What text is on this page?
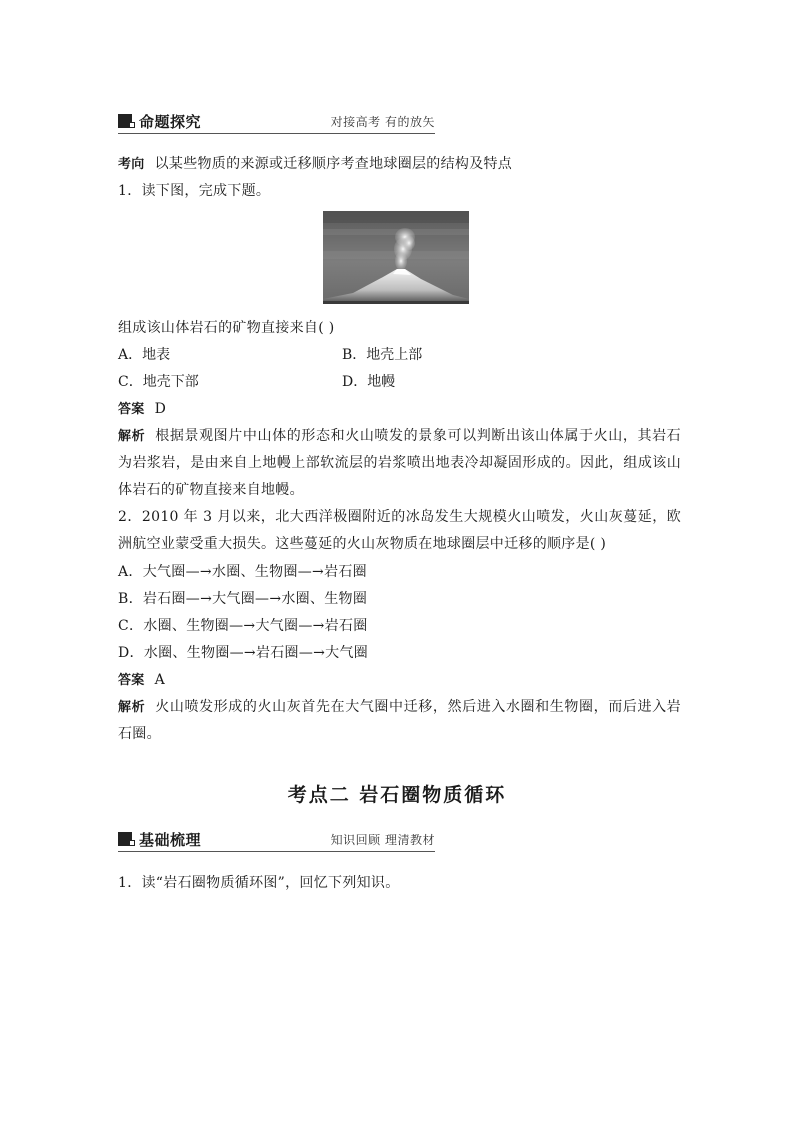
命题探究	对接高考 有的放矢
考向 以某些物质的来源或迁移顺序考查地球圈层的结构及特点
1．读下图，完成下题。
组成该山体岩石的矿物直接来自( )
A．地表	B．地壳上部
C．地壳下部	D．地幔
答案 D
解析 根据景观图片中山体的形态和火山喷发的景象可以判断出该山体属于火山，其岩石为岩浆岩，是由来自上地幔上部软流层的岩浆喷出地表冷却凝固形成的。因此，组成该山体岩石的矿物直接来自地幔。
2．2010 年 3 月以来，北大西洋极圈附近的冰岛发生大规模火山喷发，火山灰蔓延，欧洲航空业蒙受重大损失。这些蔓延的火山灰物质在地球圈层中迁移的顺序是( )
A．大气圈—→水圈、生物圈—→岩石圈
B．岩石圈—→大气圈—→水圈、生物圈
C．水圈、生物圈—→大气圈—→岩石圈
D．水圈、生物圈—→岩石圈—→大气圈
答案 A
解析 火山喷发形成的火山灰首先在大气圈中迁移，然后进入水圈和生物圈，而后进入岩石圈。
考点二 岩石圈物质循环
基础梳理	知识回顾 理清教材
1．读“岩石圈物质循环图”，回忆下列知识。
